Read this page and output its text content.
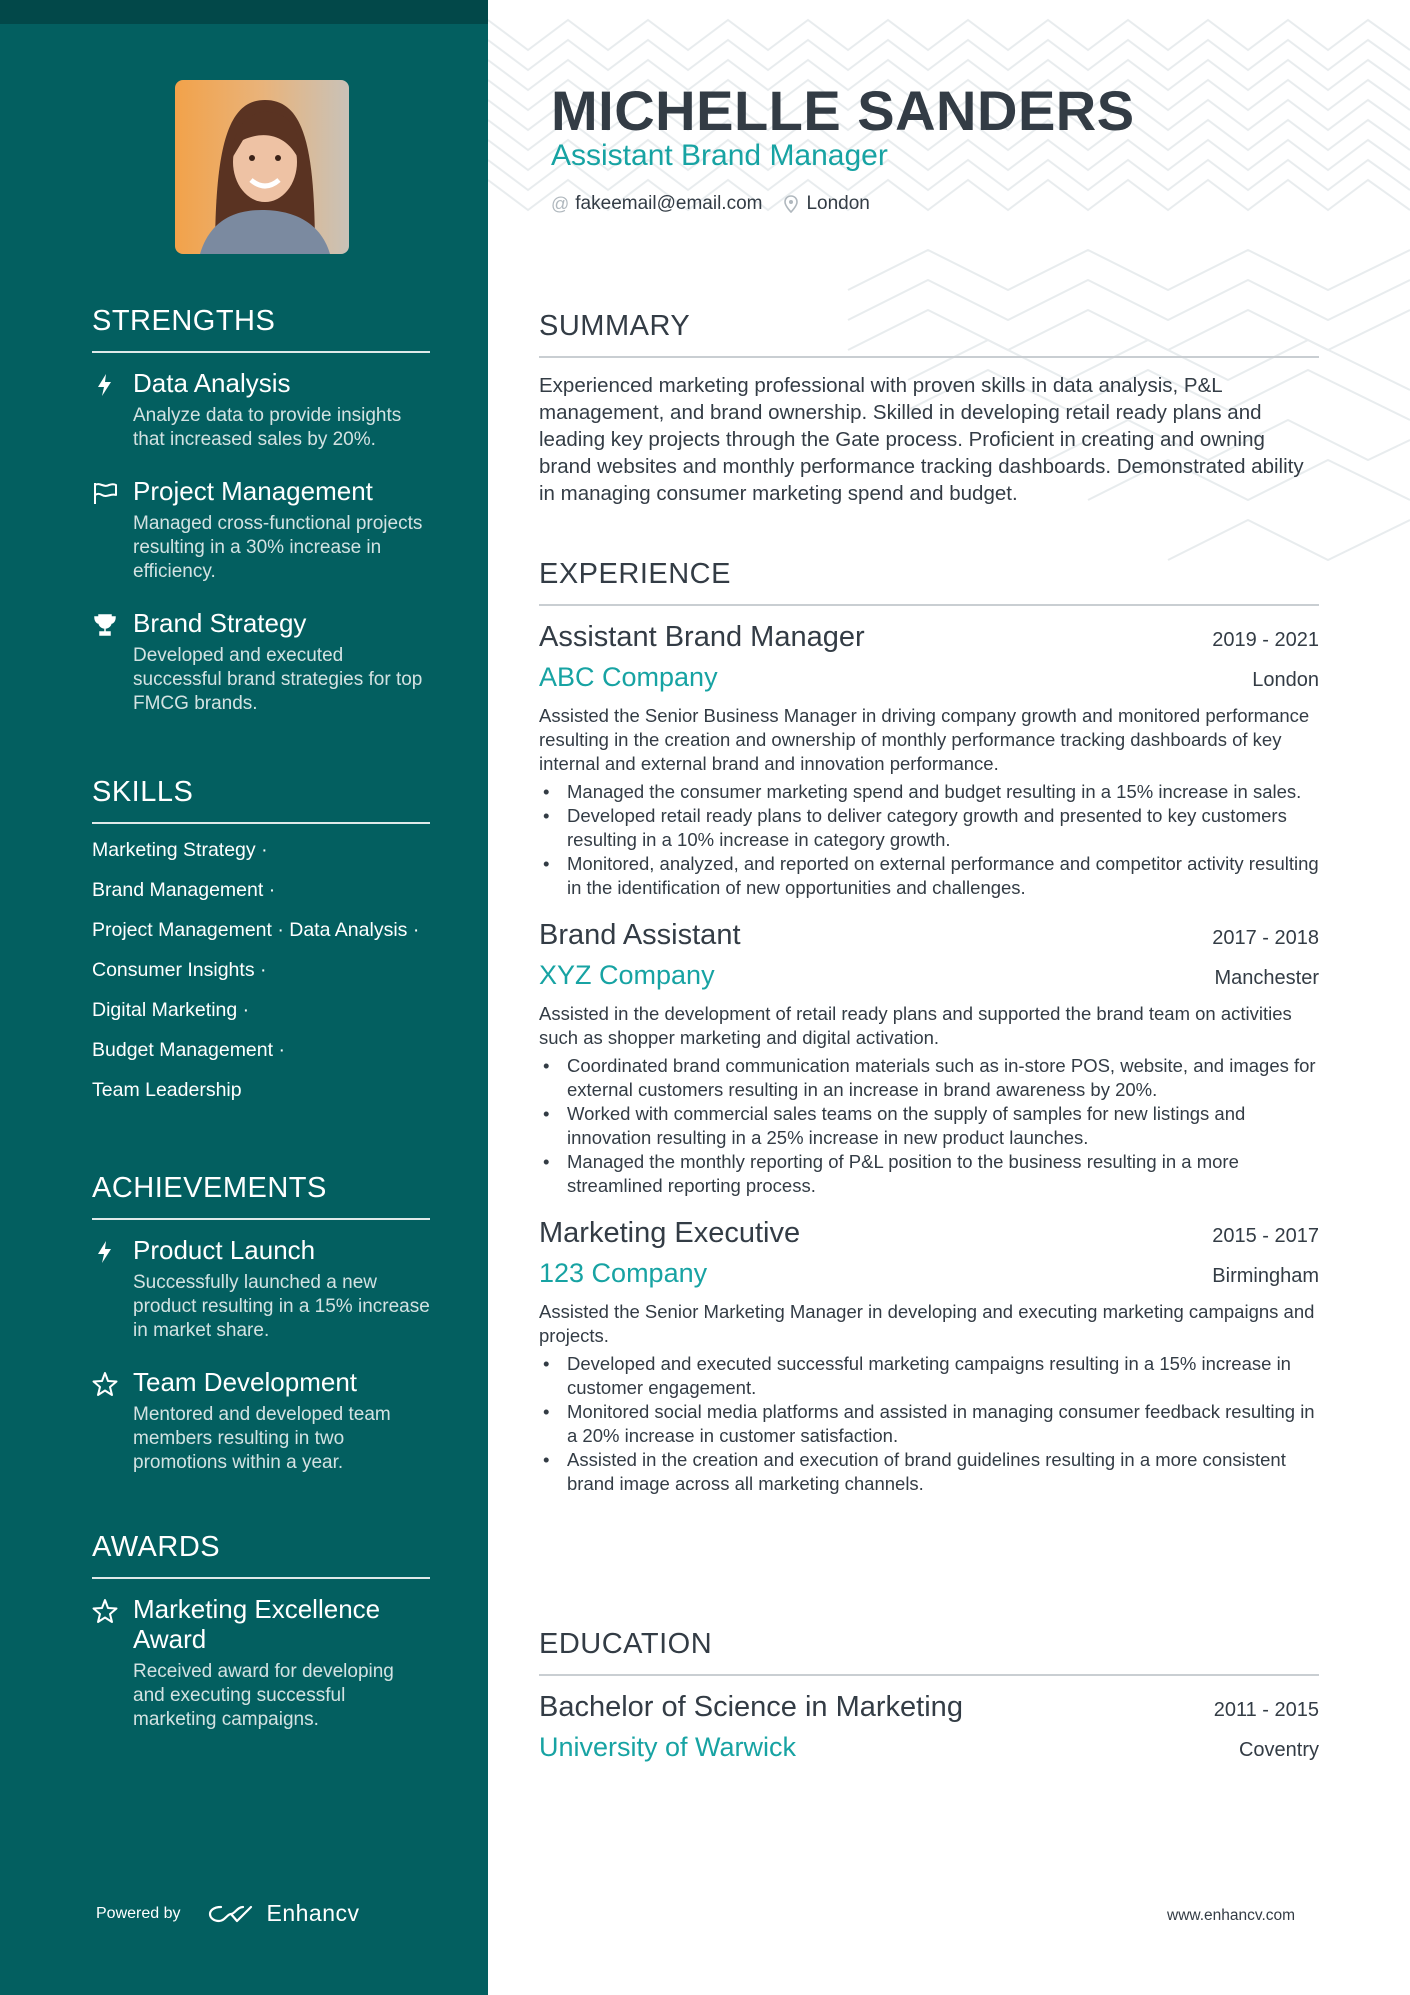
STRENGTHS
Data Analysis
Analyze data to provide insights that increased sales by 20%.
Project Management
Managed cross-functional projects resulting in a 30% increase in efficiency.
Brand Strategy
Developed and executed successful brand strategies for top FMCG brands.
SKILLS
Marketing Strategy ·
Brand Management ·
Project Management · Data Analysis ·
Consumer Insights ·
Digital Marketing ·
Budget Management ·
Team Leadership
ACHIEVEMENTS
Product Launch
Successfully launched a new product resulting in a 15% increase in market share.
Team Development
Mentored and developed team members resulting in two promotions within a year.
AWARDS
Marketing Excellence Award
Received award for developing and executing successful marketing campaigns.
Powered by	Enhancv
MICHELLE SANDERS
Assistant Brand Manager
@ fakeemail@email.com London
SUMMARY
Experienced marketing professional with proven skills in data analysis, P&L management, and brand ownership. Skilled in developing retail ready plans and leading key projects through the Gate process. Proficient in creating and owning brand websites and monthly performance tracking dashboards. Demonstrated ability in managing consumer marketing spend and budget.
EXPERIENCE
Assistant Brand Manager	2019 - 2021
ABC Company	London
Assisted the Senior Business Manager in driving company growth and monitored performance resulting in the creation and ownership of monthly performance tracking dashboards of key internal and external brand and innovation performance.
• Managed the consumer marketing spend and budget resulting in a 15% increase in sales.
• Developed retail ready plans to deliver category growth and presented to key customers resulting in a 10% increase in category growth.
• Monitored, analyzed, and reported on external performance and competitor activity resulting in the identification of new opportunities and challenges.
Brand Assistant	2017 - 2018
XYZ Company	Manchester
Assisted in the development of retail ready plans and supported the brand team on activities such as shopper marketing and digital activation.
• Coordinated brand communication materials such as in-store POS, website, and images for external customers resulting in an increase in brand awareness by 20%.
• Worked with commercial sales teams on the supply of samples for new listings and innovation resulting in a 25% increase in new product launches.
• Managed the monthly reporting of P&L position to the business resulting in a more streamlined reporting process.
Marketing Executive	2015 - 2017
123 Company	Birmingham
Assisted the Senior Marketing Manager in developing and executing marketing campaigns and projects.
• Developed and executed successful marketing campaigns resulting in a 15% increase in customer engagement.
• Monitored social media platforms and assisted in managing consumer feedback resulting in a 20% increase in customer satisfaction.
• Assisted in the creation and execution of brand guidelines resulting in a more consistent brand image across all marketing channels.
EDUCATION
Bachelor of Science in Marketing	2011 - 2015
University of Warwick	Coventry
www.enhancv.com
